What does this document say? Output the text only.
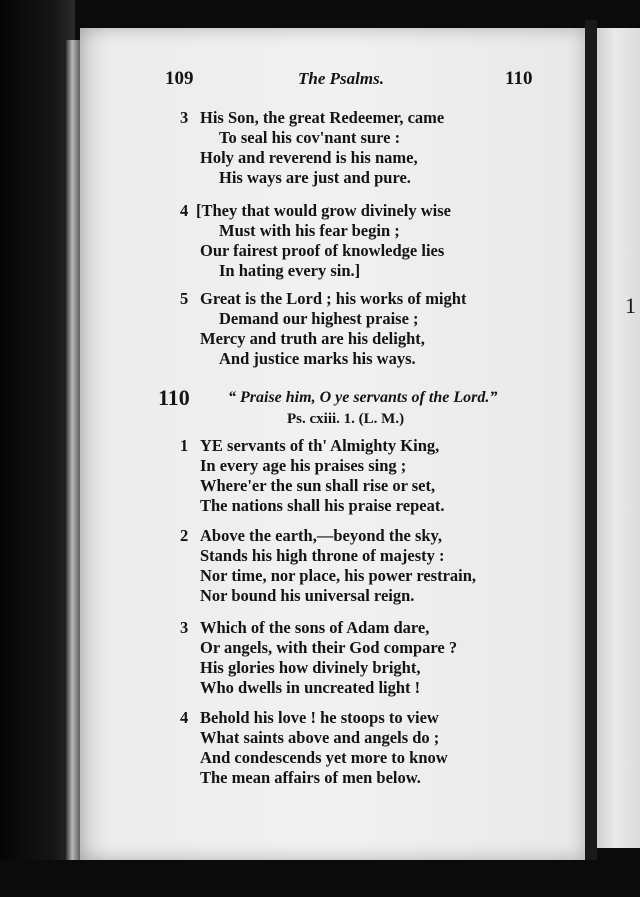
1
109	The Psalms.	110
3 His Son, the great Redeemer, came
To seal his cov'nant sure :
Holy and reverend is his name,
His ways are just and pure.
4 [They that would grow divinely wise
Must with his fear begin ;
Our fairest proof of knowledge lies
In hating every sin.]
5 Great is the Lord ; his works of might
Demand our highest praise ;
Mercy and truth are his delight,
And justice marks his ways.
110 “ Praise him, O ye servants of the Lord.”
Ps. cxiii. 1. (L. M.)
1 YE servants of th' Almighty King,
In every age his praises sing ;
Where'er the sun shall rise or set,
The nations shall his praise repeat.
2 Above the earth,—beyond the sky,
Stands his high throne of majesty :
Nor time, nor place, his power restrain,
Nor bound his universal reign.
3 Which of the sons of Adam dare,
Or angels, with their God compare ?
His glories how divinely bright,
Who dwells in uncreated light !
4 Behold his love ! he stoops to view
What saints above and angels do ;
And condescends yet more to know
The mean affairs of men below.
